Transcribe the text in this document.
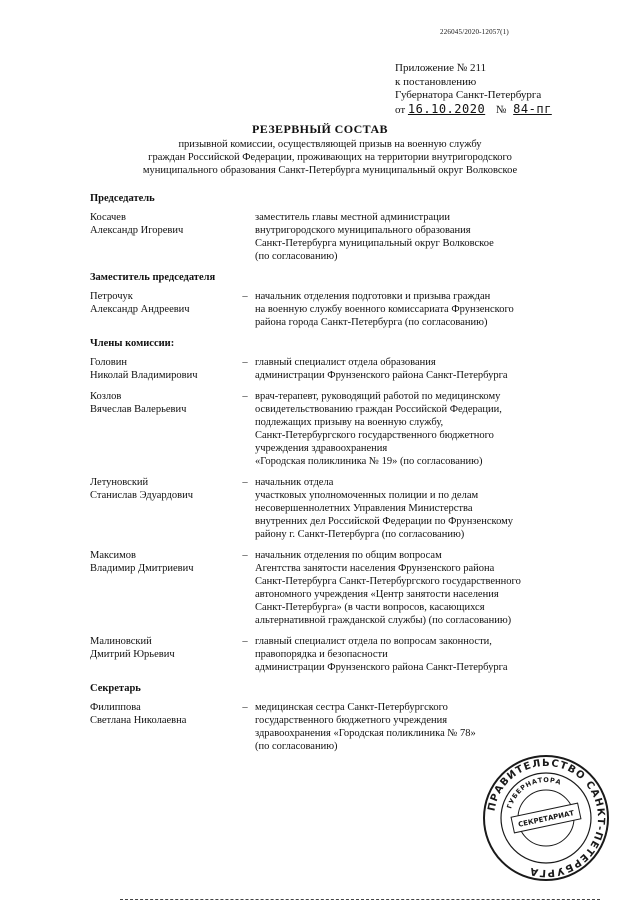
226045/2020-12057(1)
Приложение № 211
к постановлению
Губернатора Санкт-Петербурга
от 16.10.2020 № 84-пг
РЕЗЕРВНЫЙ СОСТАВ
призывной комиссии, осуществляющей призыв на военную службу
граждан Российской Федерации, проживающих на территории внутригородского
муниципального образования Санкт-Петербурга муниципальный округ Волковское
Председатель
Косачев
Александр Игоревич
заместитель главы местной администрации
внутригородского муниципального образования
Санкт-Петербурга муниципальный округ Волковское
(по согласованию)
Заместитель председателя
Петрочук
Александр Андреевич
– начальник отделения подготовки и призыва граждан
на военную службу военного комиссариата Фрунзенского
района города Санкт-Петербурга (по согласованию)
Члены комиссии:
Головин
Николай Владимирович
– главный специалист отдела образования
администрации Фрунзенского района Санкт-Петербурга
Козлов
Вячеслав Валерьевич
– врач-терапевт, руководящий работой по медицинскому
освидетельствованию граждан Российской Федерации,
подлежащих призыву на военную службу,
Санкт-Петербургского государственного бюджетного
учреждения здравоохранения
«Городская поликлиника № 19» (по согласованию)
Летуновский
Станислав Эдуардович
– начальник отдела
участковых уполномоченных полиции и по делам
несовершеннолетних Управления Министерства
внутренних дел Российской Федерации по Фрунзенскому
району г. Санкт-Петербурга (по согласованию)
Максимов
Владимир Дмитриевич
– начальник отделения по общим вопросам
Агентства занятости населения Фрунзенского района
Санкт-Петербурга Санкт-Петербургского государственного
автономного учреждения «Центр занятости населения
Санкт-Петербурга» (в части вопросов, касающихся
альтернативной гражданской службы) (по согласованию)
Малиновский
Дмитрий Юрьевич
– главный специалист отдела по вопросам законности,
правопорядка и безопасности
администрации Фрунзенского района Санкт-Петербурга
Секретарь
Филиппова
Светлана Николаевна
– медицинская сестра Санкт-Петербургского
государственного бюджетного учреждения
здравоохранения «Городская поликлиника № 78»
(по согласованию)
ПРАВИТЕЛЬСТВО САНКТ-ПЕТЕРБУРГА
ГУБЕРНАТОРА
СЕКРЕТАРИАТ
